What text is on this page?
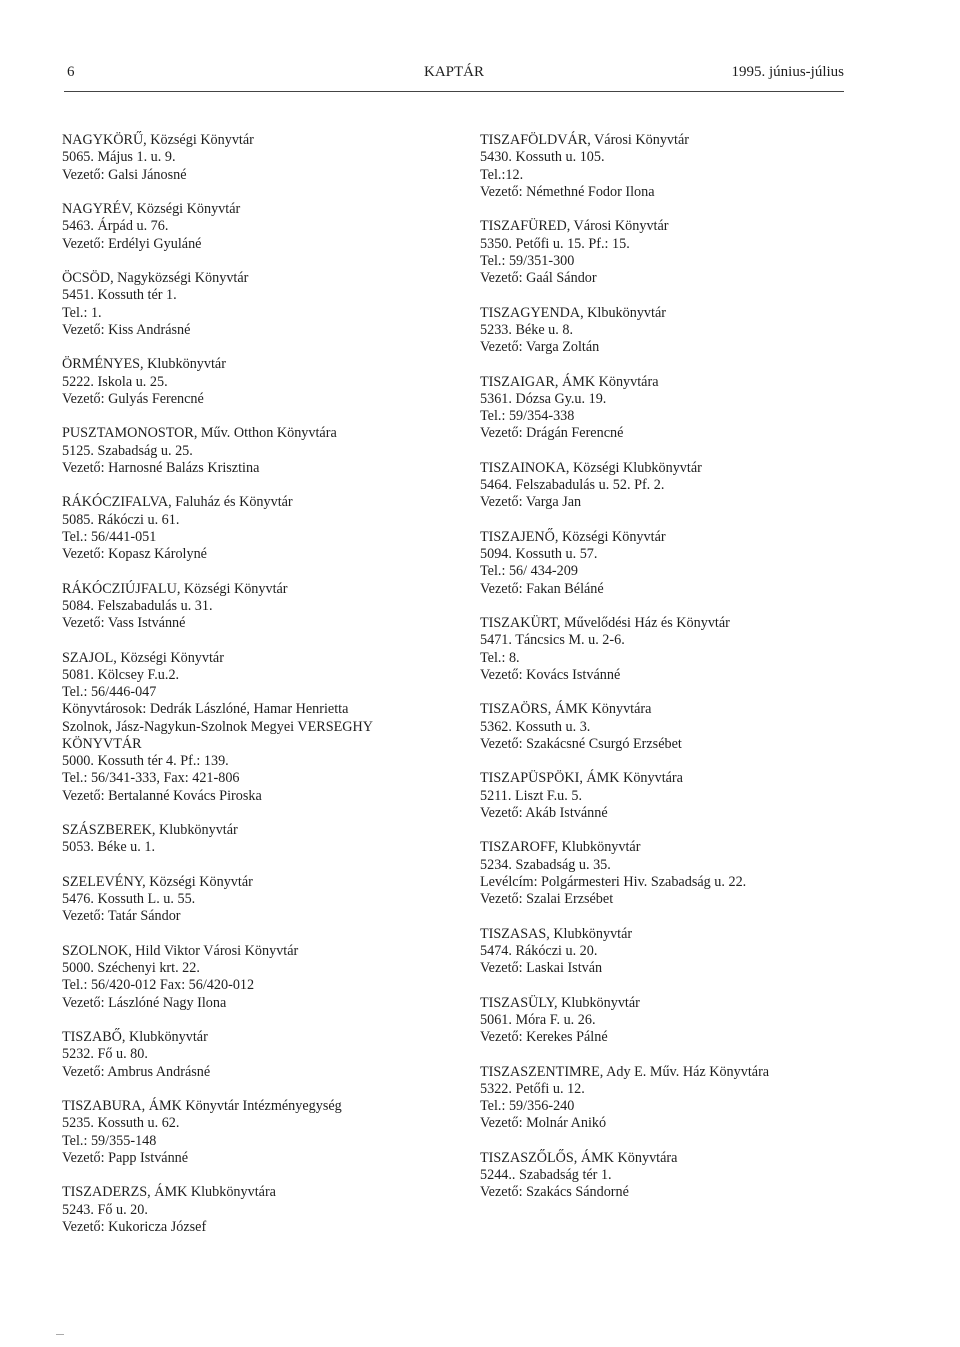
6	KAPTÁR	1995. június-július
NAGYKÖRŰ, Községi Könyvtár
5065. Május 1. u. 9.
Vezető: Galsi Jánosné
NAGYRÉV, Községi Könyvtár
5463. Árpád u. 76.
Vezető: Erdélyi Gyuláné
ÖCSÖD, Nagyközségi Könyvtár
5451. Kossuth tér 1.
Tel.: 1.
Vezető: Kiss Andrásné
ÖRMÉNYES, Klubkönyvtár
5222. Iskola u. 25.
Vezető: Gulyás Ferencné
PUSZTAMONOSTOR, Műv. Otthon Könyvtára
5125. Szabadság u. 25.
Vezető: Harnosné Balázs Krisztina
RÁKÓCZIFALVA, Faluház és Könyvtár
5085. Rákóczi u. 61.
Tel.: 56/441-051
Vezető: Kopasz Károlyné
RÁKÓCZIÚJFALU, Községi Könyvtár
5084. Felszabadulás u. 31.
Vezető: Vass Istvánné
SZAJOL, Községi Könyvtár
5081. Kölcsey F.u.2.
Tel.: 56/446-047
Könyvtárosok: Dedrák Lászlóné, Hamar Henrietta
Szolnok, Jász-Nagykun-Szolnok Megyei VERSEGHY
KÖNYVTÁR
5000. Kossuth tér 4. Pf.: 139.
Tel.: 56/341-333, Fax: 421-806
Vezető: Bertalanné Kovács Piroska
SZÁSZBEREK, Klubkönyvtár
5053. Béke u. 1.
SZELEVÉNY, Községi Könyvtár
5476. Kossuth L. u. 55.
Vezető: Tatár Sándor
SZOLNOK, Hild Viktor Városi Könyvtár
5000. Széchenyi krt. 22.
Tel.: 56/420-012 Fax: 56/420-012
Vezető: Lászlóné Nagy Ilona
TISZABŐ, Klubkönyvtár
5232. Fő u. 80.
Vezető: Ambrus Andrásné
TISZABURA, ÁMK Könyvtár Intézményegység
5235. Kossuth u. 62.
Tel.: 59/355-148
Vezető: Papp Istvánné
TISZADERZS, ÁMK Klubkönyvtára
5243. Fő u. 20.
Vezető: Kukoricza József
TISZAFÖLDVÁR, Városi Könyvtár
5430. Kossuth u. 105.
Tel.:12.
Vezető: Némethné Fodor Ilona
TISZAFÜRED, Városi Könyvtár
5350. Petőfi u. 15. Pf.: 15.
Tel.: 59/351-300
Vezető: Gaál Sándor
TISZAGYENDA, Klbukönyvtár
5233. Béke u. 8.
Vezető: Varga Zoltán
TISZAIGAR, ÁMK Könyvtára
5361. Dózsa Gy.u. 19.
Tel.: 59/354-338
Vezető: Drágán Ferencné
TISZAINOKA, Községi Klubkönyvtár
5464. Felszabadulás u. 52. Pf. 2.
Vezető: Varga Jan
TISZAJENŐ, Községi Könyvtár
5094. Kossuth u. 57.
Tel.: 56/ 434-209
Vezető: Fakan Béláné
TISZAKÜRT, Művelődési Ház és Könyvtár
5471. Táncsics M. u. 2-6.
Tel.: 8.
Vezető: Kovács Istvánné
TISZAÖRS, ÁMK Könyvtára
5362. Kossuth u. 3.
Vezető: Szakácsné Csurgó Erzsébet
TISZAPÜSPÖKI, ÁMK Könyvtára
5211. Liszt F.u. 5.
Vezető: Akáb Istvánné
TISZAROFF, Klubkönyvtár
5234. Szabadság u. 35.
Levélcím: Polgármesteri Hiv. Szabadság u. 22.
Vezető: Szalai Erzsébet
TISZASAS, Klubkönyvtár
5474. Rákóczi u. 20.
Vezető: Laskai István
TISZASÜLY, Klubkönyvtár
5061. Móra F. u. 26.
Vezető: Kerekes Pálné
TISZASZENTIMRE, Ady E. Műv. Ház Könyvtára
5322. Petőfi u. 12.
Tel.: 59/356-240
Vezető: Molnár Anikó
TISZASZŐLŐS, ÁMK Könyvtára
5244.. Szabadság tér 1.
Vezető: Szakács Sándorné
